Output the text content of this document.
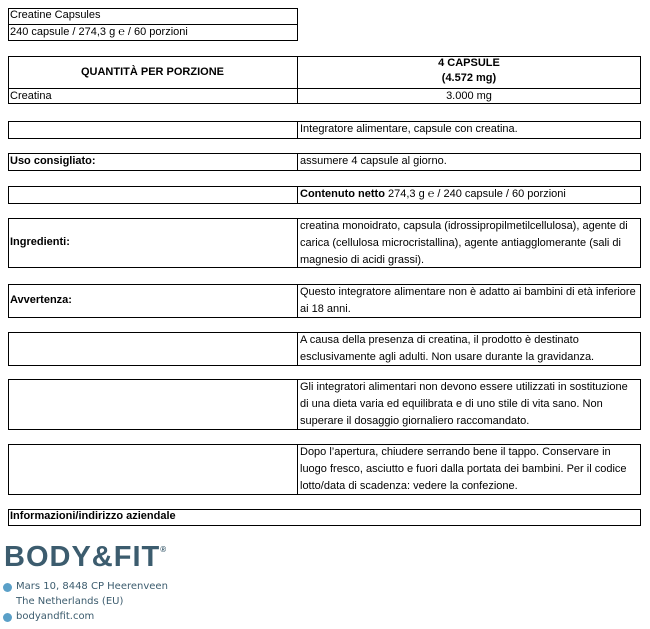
Creatine Capsules
240 capsule / 274,3 g ℮ / 60 porzioni
QUANTITÀ PER PORZIONE
4 CAPSULE
(4.572 mg)
Creatina	3.000 mg
Integratore alimentare, capsule con creatina.
Uso consigliato:	assumere 4 capsule al giorno.
Contenuto netto 274,3 g ℮ / 240 capsule / 60 porzioni
Ingredienti:
creatina monoidrato, capsula (idrossipropilmetilcellulosa), agente di carica (cellulosa microcristallina), agente antiagglomerante (sali di magnesio di acidi grassi).
Avvertenza:
Questo integratore alimentare non è adatto ai bambini di età inferiore ai 18 anni.
A causa della presenza di creatina, il prodotto è destinato esclusivamente agli adulti. Non usare durante la gravidanza.
Gli integratori alimentari non devono essere utilizzati in sostituzione di una dieta varia ed equilibrata e di uno stile di vita sano. Non superare il dosaggio giornaliero raccomandato.
Dopo l’apertura, chiudere serrando bene il tappo. Conservare in luogo fresco, asciutto e fuori dalla portata dei bambini. Per il codice lotto/data di scadenza: vedere la confezione.
Informazioni/indirizzo aziendale
BODY&FIT®
Mars 10, 8448 CP Heerenveen
The Netherlands (EU)
bodyandfit.com
